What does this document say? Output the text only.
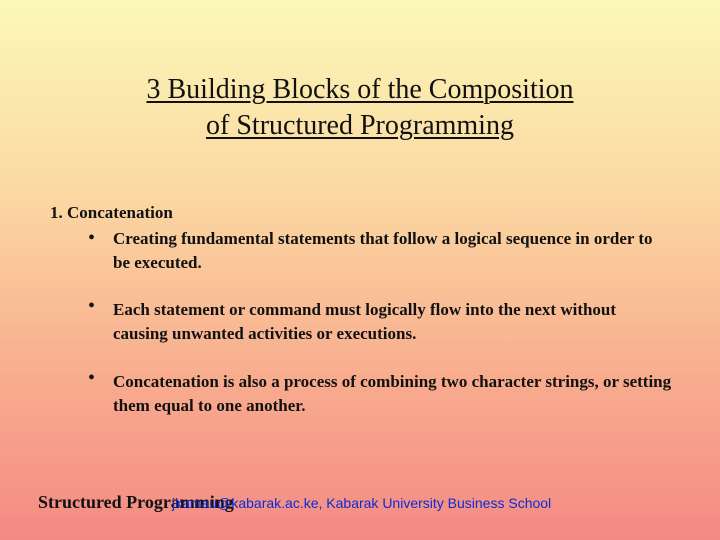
3 Building Blocks of the Composition
of Structured Programming
1. Concatenation
• Creating fundamental statements that follow a logical sequence in order to be executed.
• Each statement or command must logically flow into the next without causing unwanted activities or executions.
• Concatenation is also a process of combining two character strings, or setting them equal to one another.
Structured Programming
jkamau@kabarak.ac.ke, Kabarak University Business School
